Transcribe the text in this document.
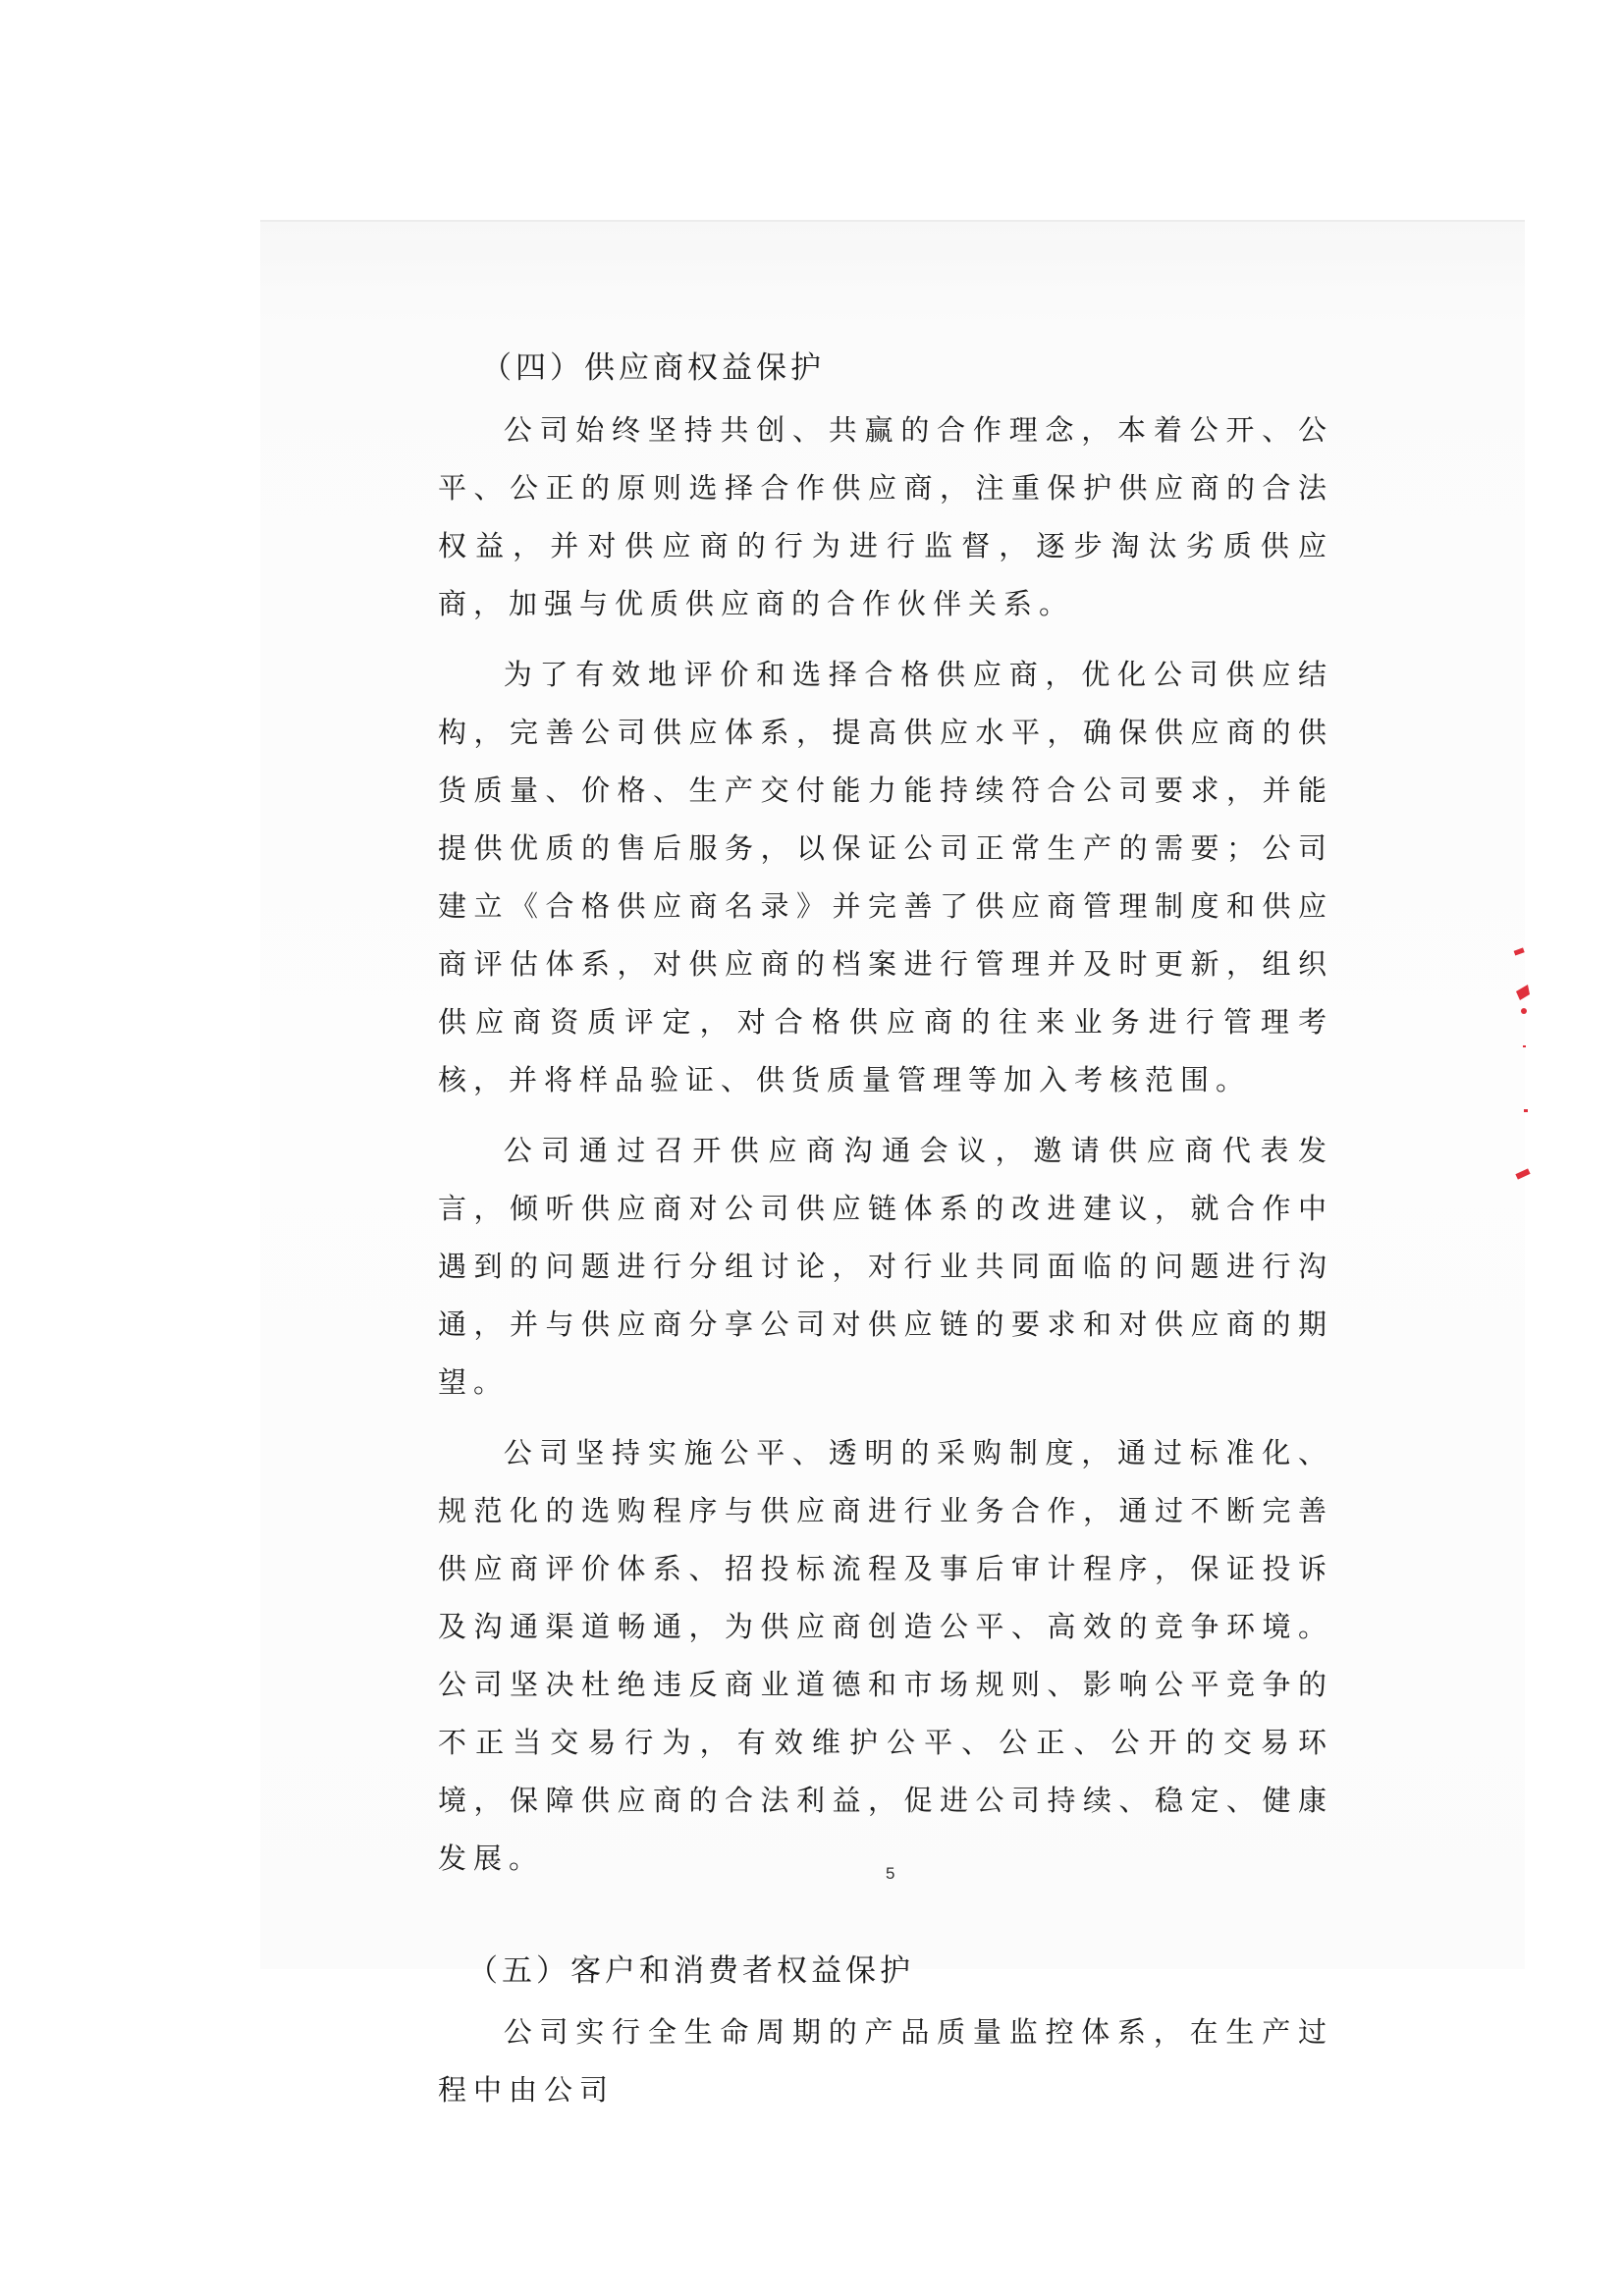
（四）供应商权益保护

公司始终坚持共创、共赢的合作理念，本着公开、公平、公正的原则选择合作供应商，注重保护供应商的合法权益，并对供应商的行为进行监督，逐步淘汰劣质供应商，加强与优质供应商的合作伙伴关系。

为了有效地评价和选择合格供应商，优化公司供应结构，完善公司供应体系，提高供应水平，确保供应商的供货质量、价格、生产交付能力能持续符合公司要求，并能提供优质的售后服务，以保证公司正常生产的需要；公司建立《合格供应商名录》并完善了供应商管理制度和供应商评估体系，对供应商的档案进行管理并及时更新，组织供应商资质评定，对合格供应商的往来业务进行管理考核，并将样品验证、供货质量管理等加入考核范围。

公司通过召开供应商沟通会议，邀请供应商代表发言，倾听供应商对公司供应链体系的改进建议，就合作中遇到的问题进行分组讨论，对行业共同面临的问题进行沟通，并与供应商分享公司对供应链的要求和对供应商的期望。

公司坚持实施公平、透明的采购制度，通过标准化、规范化的选购程序与供应商进行业务合作，通过不断完善供应商评价体系、招投标流程及事后审计程序，保证投诉及沟通渠道畅通，为供应商创造公平、高效的竞争环境。公司坚决杜绝违反商业道德和市场规则、影响公平竞争的不正当交易行为，有效维护公平、公正、公开的交易环境，保障供应商的合法利益，促进公司持续、稳定、健康发展。

（五）客户和消费者权益保护

公司实行全生命周期的产品质量监控体系，在生产过程中由公司

5
